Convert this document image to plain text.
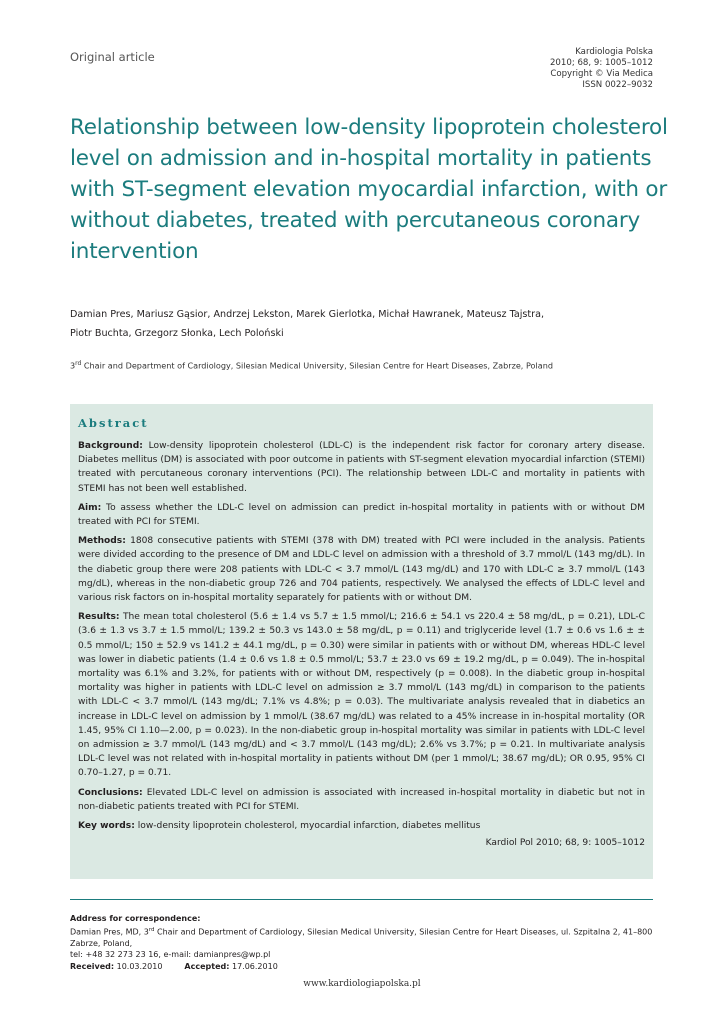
Original article	Kardiologia Polska
2010; 68, 9: 1005–1012
Copyright © Via Medica
ISSN 0022–9032
Relationship between low-density lipoprotein cholesterol level on admission and in-hospital mortality in patients with ST-segment elevation myocardial infarction, with or without diabetes, treated with percutaneous coronary intervention
Damian Pres, Mariusz Gąsior, Andrzej Lekston, Marek Gierlotka, Michał Hawranek, Mateusz Tajstra,
Piotr Buchta, Grzegorz Słonka, Lech Poloński
3rd Chair and Department of Cardiology, Silesian Medical University, Silesian Centre for Heart Diseases, Zabrze, Poland
Abstract

Background: Low-density lipoprotein cholesterol (LDL-C) is the independent risk factor for coronary artery disease. Diabetes mellitus (DM) is associated with poor outcome in patients with ST-segment elevation myocardial infarction (STEMI) treated with percutaneous coronary interventions (PCI). The relationship between LDL-C and mortality in patients with STEMI has not been well established.

Aim: To assess whether the LDL-C level on admission can predict in-hospital mortality in patients with or without DM treated with PCI for STEMI.

Methods: 1808 consecutive patients with STEMI (378 with DM) treated with PCI were included in the analysis. Patients were divided according to the presence of DM and LDL-C level on admission with a threshold of 3.7 mmol/L (143 mg/dL). In the diabetic group there were 208 patients with LDL-C < 3.7 mmol/L (143 mg/dL) and 170 with LDL-C ≥ 3.7 mmol/L (143 mg/dL), whereas in the non-diabetic group 726 and 704 patients, respectively. We analysed the effects of LDL-C level and various risk factors on in-hospital mortality separately for patients with or without DM.

Results: The mean total cholesterol (5.6 ± 1.4 vs 5.7 ± 1.5 mmol/L; 216.6 ± 54.1 vs 220.4 ± 58 mg/dL, p = 0.21), LDL-C (3.6 ± 1.3 vs 3.7 ± 1.5 mmol/L; 139.2 ± 50.3 vs 143.0 ± 58 mg/dL, p = 0.11) and triglyceride level (1.7 ± 0.6 vs 1.6 ± ± 0.5 mmol/L; 150 ± 52.9 vs 141.2 ± 44.1 mg/dL, p = 0.30) were similar in patients with or without DM, whereas HDL-C level was lower in diabetic patients (1.4 ± 0.6 vs 1.8 ± 0.5 mmol/L; 53.7 ± 23.0 vs 69 ± 19.2 mg/dL, p = 0.049). The in-hospital mortality was 6.1% and 3.2%, for patients with or without DM, respectively (p = 0.008). In the diabetic group in-hospital mortality was higher in patients with LDL-C level on admission ≥ 3.7 mmol/L (143 mg/dL) in comparison to the patients with LDL-C < 3.7 mmol/L (143 mg/dL; 7.1% vs 4.8%; p = 0.03). The multivariate analysis revealed that in diabetics an increase in LDL-C level on admission by 1 mmol/L (38.67 mg/dL) was related to a 45% increase in in-hospital mortality (OR 1.45, 95% CI 1.10—2.00, p = 0.023). In the non-diabetic group in-hospital mortality was similar in patients with LDL-C level on admission ≥ 3.7 mmol/L (143 mg/dL) and < 3.7 mmol/L (143 mg/dL); 2.6% vs 3.7%; p = 0.21. In multivariate analysis LDL-C level was not related with in-hospital mortality in patients without DM (per 1 mmol/L; 38.67 mg/dL); OR 0.95, 95% CI 0.70–1.27, p = 0.71.

Conclusions: Elevated LDL-C level on admission is associated with increased in-hospital mortality in diabetic but not in non-diabetic patients treated with PCI for STEMI.

Key words: low-density lipoprotein cholesterol, myocardial infarction, diabetes mellitus

Kardiol Pol 2010; 68, 9: 1005–1012
Address for correspondence:
Damian Pres, MD, 3rd Chair and Department of Cardiology, Silesian Medical University, Silesian Centre for Heart Diseases, ul. Szpitalna 2, 41–800 Zabrze, Poland,
tel: +48 32 273 23 16, e-mail: damianpres@wp.pl
Received: 10.03.2010	Accepted: 17.06.2010
www.kardiologiapolska.pl
